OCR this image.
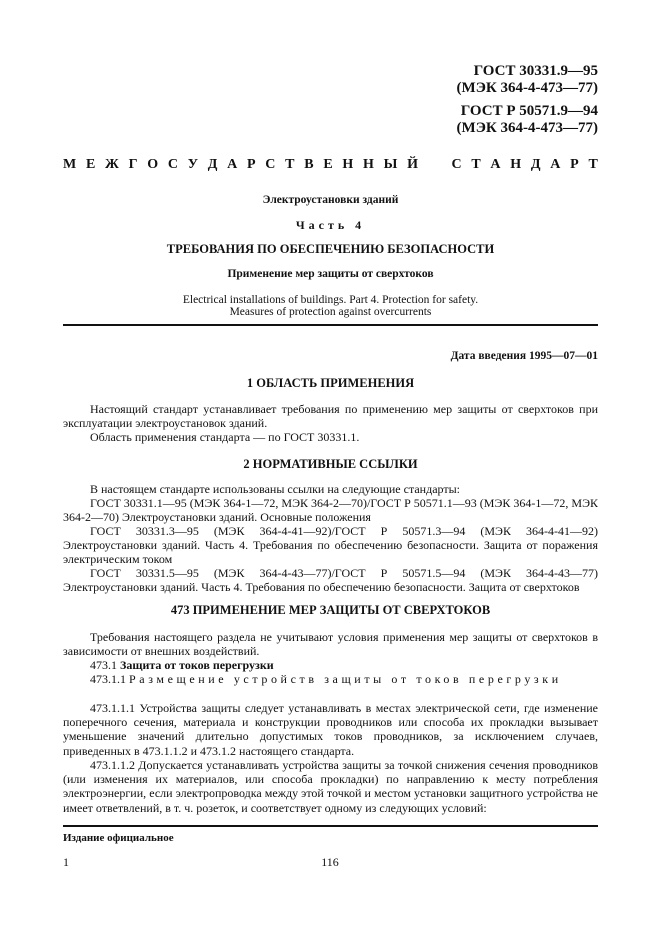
ГОСТ 30331.9—95
(МЭК 364-4-473—77)
ГОСТ Р 50571.9—94
(МЭК 364-4-473—77)
М Е Ж Г О С У Д А Р С Т В Е Н Н Ы Й С Т А Н Д А Р Т
Электроустановки зданий
Часть 4
ТРЕБОВАНИЯ ПО ОБЕСПЕЧЕНИЮ БЕЗОПАСНОСТИ
Применение мер защиты от сверхтоков
Electrical installations of buildings. Part 4. Protection for safety.
Measures of protection against overcurrents
Дата введения 1995—07—01
1 ОБЛАСТЬ ПРИМЕНЕНИЯ
Настоящий стандарт устанавливает требования по применению мер защиты от сверхтоков при эксплуатации электроустановок зданий.
Область применения стандарта — по ГОСТ 30331.1.
2 НОРМАТИВНЫЕ ССЫЛКИ
В настоящем стандарте использованы ссылки на следующие стандарты:
ГОСТ 30331.1—95 (МЭК 364-1—72, МЭК 364-2—70)/ГОСТ Р 50571.1—93 (МЭК 364-1—72, МЭК 364-2—70) Электроустановки зданий. Основные положения
ГОСТ 30331.3—95 (МЭК 364-4-41—92)/ГОСТ Р 50571.3—94 (МЭК 364-4-41—92) Электроустановки зданий. Часть 4. Требования по обеспечению безопасности. Защита от поражения электрическим током
ГОСТ 30331.5—95 (МЭК 364-4-43—77)/ГОСТ Р 50571.5—94 (МЭК 364-4-43—77) Электроустановки зданий. Часть 4. Требования по обеспечению безопасности. Защита от сверхтоков
473 ПРИМЕНЕНИЕ МЕР ЗАЩИТЫ ОТ СВЕРХТОКОВ
Требования настоящего раздела не учитывают условия применения мер защиты от сверхтоков в зависимости от внешних воздействий.
473.1 Защита от токов перегрузки
473.1.1 Размещение устройств защиты от токов перегрузки
473.1.1.1 Устройства защиты следует устанавливать в местах электрической сети, где изменение поперечного сечения, материала и конструкции проводников или способа их прокладки вызывает уменьшение значений длительно допустимых токов проводников, за исключением случаев, приведенных в 473.1.1.2 и 473.1.2 настоящего стандарта.
473.1.1.2 Допускается устанавливать устройства защиты за точкой снижения сечения проводников (или изменения их материалов, или способа прокладки) по направлению к месту потребления электроэнергии, если электропроводка между этой точкой и местом установки защитного устройства не имеет ответвлений, в т. ч. розеток, и соответствует одному из следующих условий:
Издание официальное
1	116
